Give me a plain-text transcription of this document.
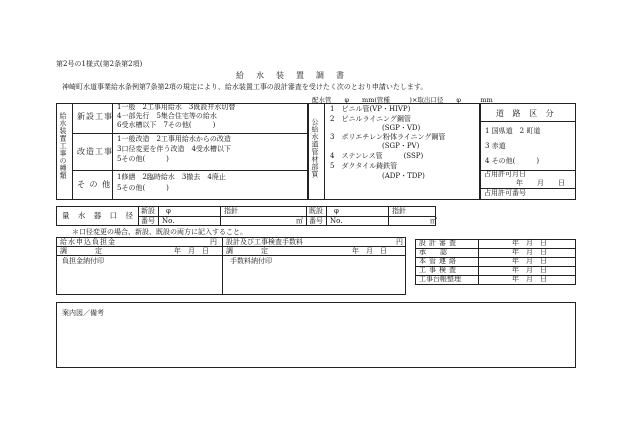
第2号の1様式(第2条第2項)
給　水　装　置　調　書
神崎町水道事業給水条例第7条第2項の規定により、給水装置工事の設計審査を受けたく次のとおり申請いたします。
給水装置工事の種類 新設工事
1一般　2工事用給水　3既設井水切替
4一部先行　5集合住宅等の給水
6受水槽以下　7その他(　　　)
改造工事
1一般改造　2工事用給水からの改造
3口径変更を伴う改造　4受水槽以下
5その他(　　　)
そ の 他
1修繕　2臨時給水　3撤去　4廃止
5その他(　　　)
公給水道管材部質
配水管　　φ　　mm(管種　　　)×取出口径　　φ　　　mm
1　ビニル管(VP・HIVP)
2　ビニルライニング鋼管
(SGP・VD)
3　ポリエチレン粉体ライニング鋼管
(SGP・PV)
4　ステンレス管　　　(SSP)
5　ダクタイル鋳鉄管
(ADP・TDP)
道 路 区 分
1 国県道　2 町道
3 赤道
4 その他(　　　)
占用許可月日
年　　月　　日
占用許可番号
量 水 器 口 径 新設 φ	指針
番号 No.	㎥
既設 φ	指針
番号 No.	㎥
＊口径変更の場合、新設、既設の両方に記入すること。
給水申込負担金	円 設計及び工事検査手数料	円
調　　　　定	年　月　日 調　　　　定	年　月　日
負担金納付印	手数料納付印
設計審査	年　月　日
承　　認	年　月　日
本管連絡	年　月　日
工事検査	年　月　日
工事台帳整理	年　月　日
案内図／備考
